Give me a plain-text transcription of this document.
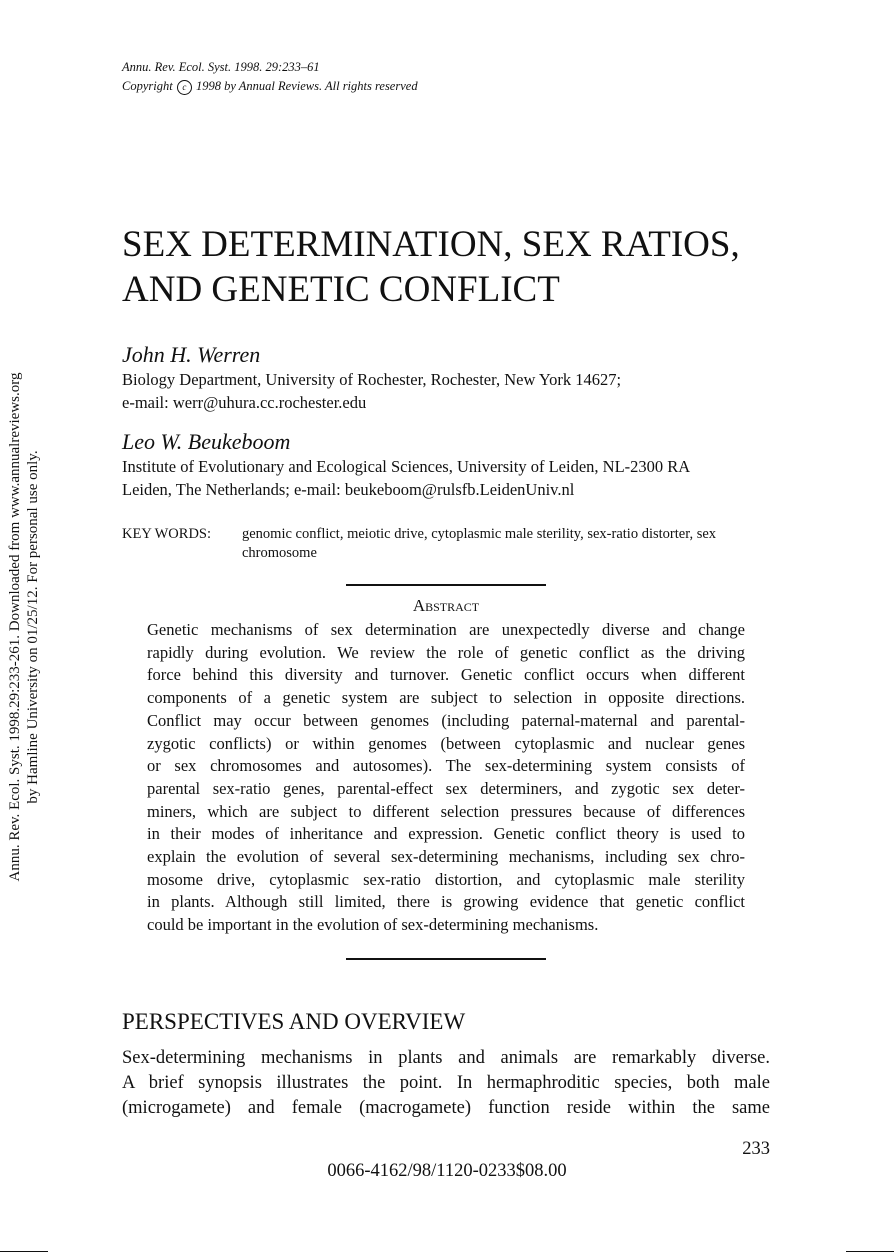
Annu. Rev. Ecol. Syst. 1998. 29:233–61
Copyright c 1998 by Annual Reviews. All rights reserved
Annu. Rev. Ecol. Syst. 1998.29:233-261. Downloaded from www.annualreviews.org by Hamline University on 01/25/12. For personal use only.
SEX DETERMINATION, SEX RATIOS,
AND GENETIC CONFLICT
John H. Werren
Biology Department, University of Rochester, Rochester, New York 14627;
e-mail: werr@uhura.cc.rochester.edu
Leo W. Beukeboom
Institute of Evolutionary and Ecological Sciences, University of Leiden, NL-2300 RA
Leiden, The Netherlands; e-mail: beukeboom@rulsfb.LeidenUniv.nl
KEY WORDS: genomic conflict, meiotic drive, cytoplasmic male sterility, sex-ratio distorter, sex chromosome
Abstract
Genetic mechanisms of sex determination are unexpectedly diverse and change
rapidly during evolution. We review the role of genetic conflict as the driving
force behind this diversity and turnover. Genetic conflict occurs when different
components of a genetic system are subject to selection in opposite directions.
Conflict may occur between genomes (including paternal-maternal and parental-
zygotic conflicts) or within genomes (between cytoplasmic and nuclear genes
or sex chromosomes and autosomes). The sex-determining system consists of
parental sex-ratio genes, parental-effect sex determiners, and zygotic sex deter-
miners, which are subject to different selection pressures because of differences
in their modes of inheritance and expression. Genetic conflict theory is used to
explain the evolution of several sex-determining mechanisms, including sex chro-
mosome drive, cytoplasmic sex-ratio distortion, and cytoplasmic male sterility
in plants. Although still limited, there is growing evidence that genetic conflict
could be important in the evolution of sex-determining mechanisms.
PERSPECTIVES AND OVERVIEW
Sex-determining mechanisms in plants and animals are remarkably diverse.
A brief synopsis illustrates the point. In hermaphroditic species, both male
(microgamete) and female (macrogamete) function reside within the same
233
0066-4162/98/1120-0233$08.00
